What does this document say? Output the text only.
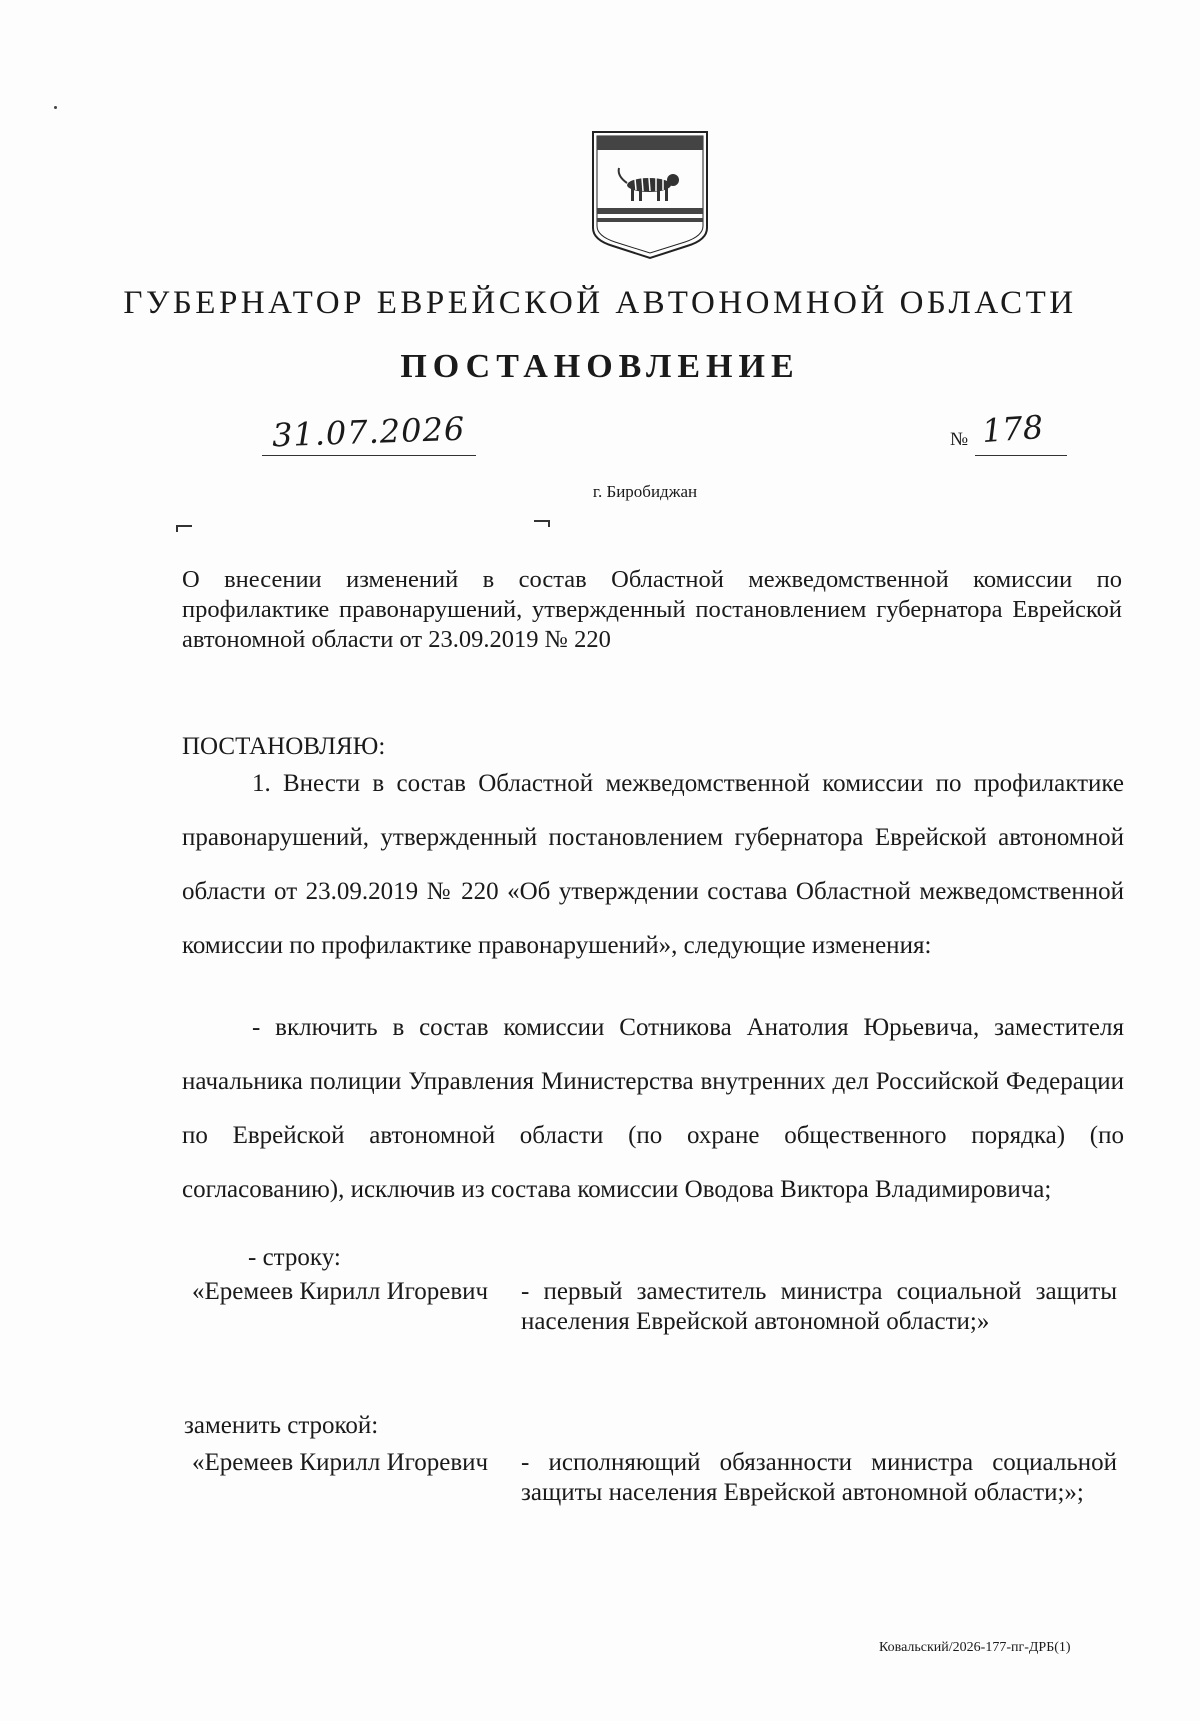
ГУБЕРНАТОР ЕВРЕЙСКОЙ АВТОНОМНОЙ ОБЛАСТИ
ПОСТАНОВЛЕНИЕ
31.07.2026	№ 178
г. Биробиджан
О внесении изменений в состав Областной межведомственной комиссии по профилактике правонарушений, утвержденный постановлением губернатора Еврейской автономной области от 23.09.2019 № 220
ПОСТАНОВЛЯЮ:
1. Внести в состав Областной межведомственной комиссии по профилактике правонарушений, утвержденный постановлением губернатора Еврейской автономной области от 23.09.2019 № 220 «Об утверждении состава Областной межведомственной комиссии по профилактике правонарушений», следующие изменения:
- включить в состав комиссии Сотникова Анатолия Юрьевича, заместителя начальника полиции Управления Министерства внутренних дел Российской Федерации по Еврейской автономной области (по охране общественного порядка) (по согласованию), исключив из состава комиссии Оводова Виктора Владимировича;
- строку:
«Еремеев Кирилл Игоревич - первый заместитель министра социальной защиты населения Еврейской автономной области;»
заменить строкой:
«Еремеев Кирилл Игоревич - исполняющий обязанности министра социальной защиты населения Еврейской автономной области;»;
Ковальский/2026-177-пг-ДРБ(1)
